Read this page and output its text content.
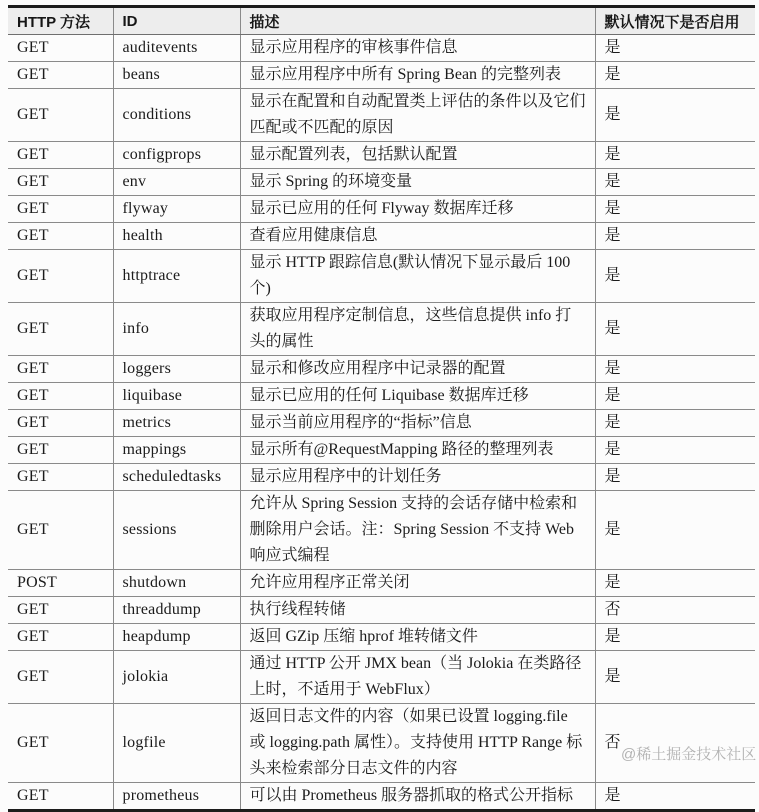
HTTP 方法	ID	描述	默认情况下是否启用
GET	auditevents	显示应用程序的审核事件信息	是
GET	beans	显示应用程序中所有 Spring Bean 的完整列表	是
GET	conditions	显示在配置和自动配置类上评估的条件以及它们匹配或不匹配的原因	是
GET	configprops	显示配置列表，包括默认配置	是
GET	env	显示 Spring 的环境变量	是
GET	flyway	显示已应用的任何 Flyway 数据库迁移	是
GET	health	查看应用健康信息	是
GET	httptrace	显示 HTTP 跟踪信息(默认情况下显示最后 100 个)	是
GET	info	获取应用程序定制信息，这些信息提供 info 打头的属性	是
GET	loggers	显示和修改应用程序中记录器的配置	是
GET	liquibase	显示已应用的任何 Liquibase 数据库迁移	是
GET	metrics	显示当前应用程序的“指标”信息	是
GET	mappings	显示所有@RequestMapping 路径的整理列表	是
GET	scheduledtasks	显示应用程序中的计划任务	是
GET	sessions	允许从 Spring Session 支持的会话存储中检索和删除用户会话。注：Spring Session 不支持 Web 响应式编程	是
POST	shutdown	允许应用程序正常关闭	是
GET	threaddump	执行线程转储	否
GET	heapdump	返回 GZip 压缩 hprof 堆转储文件	是
GET	jolokia	通过 HTTP 公开 JMX bean（当 Jolokia 在类路径上时，不适用于 WebFlux）	是
GET	logfile	返回日志文件的内容（如果已设置 logging.file 或 logging.path 属性）。支持使用 HTTP Range 标头来检索部分日志文件的内容	否
GET	prometheus	可以由 Prometheus 服务器抓取的格式公开指标	是
@稀土掘金技术社区
